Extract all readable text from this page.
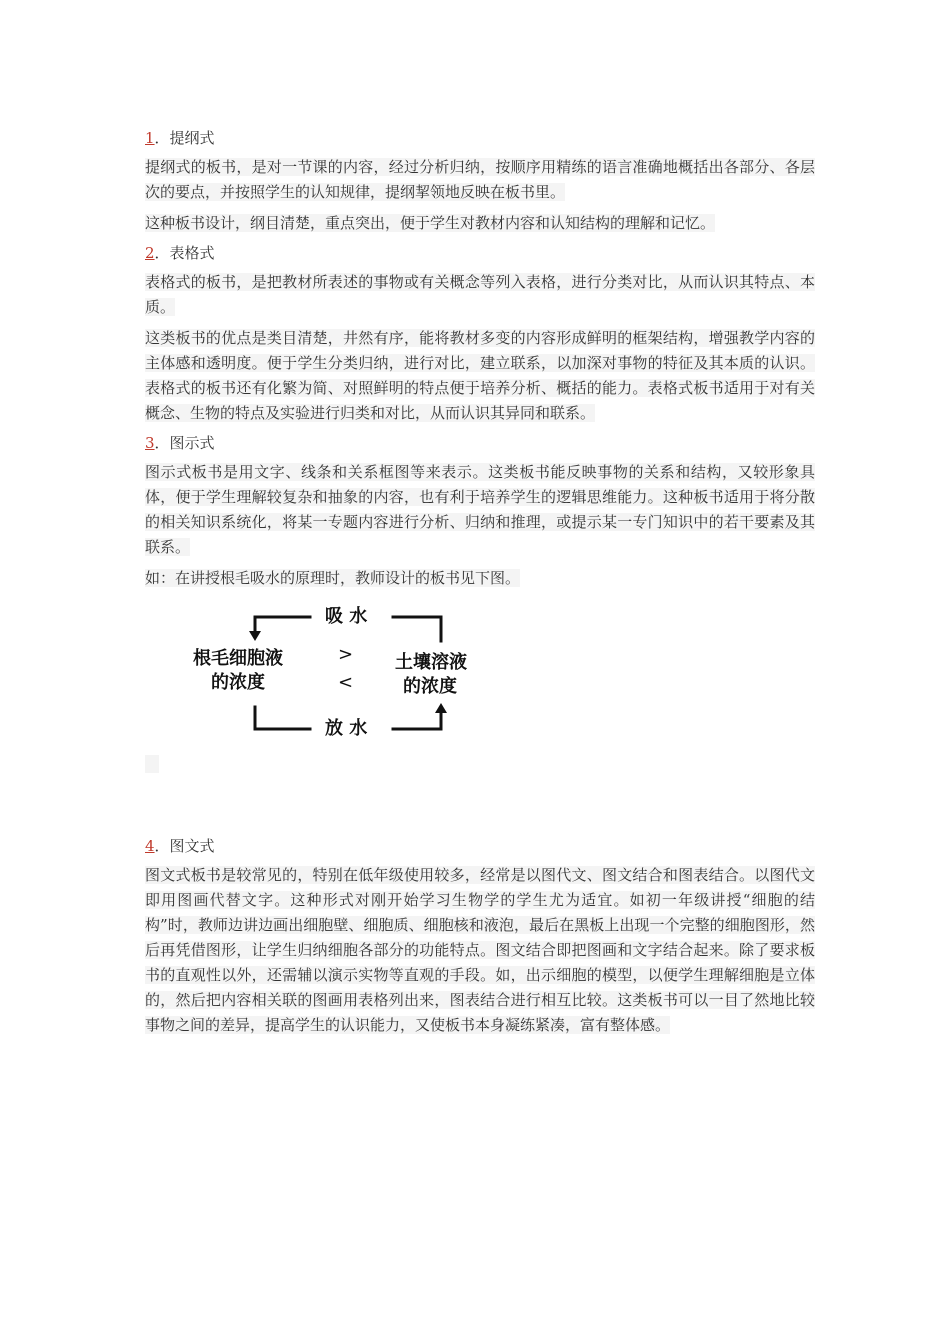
1．提纲式

提纲式的板书，是对一节课的内容，经过分析归纳，按顺序用精练的语言准确地概括出各部分、各层次的要点，并按照学生的认知规律，提纲挈领地反映在板书里。

这种板书设计，纲目清楚，重点突出，便于学生对教材内容和认知结构的理解和记忆。

2．表格式

表格式的板书，是把教材所表述的事物或有关概念等列入表格，进行分类对比，从而认识其特点、本质。

这类板书的优点是类目清楚，井然有序，能将教材多变的内容形成鲜明的框架结构，增强教学内容的主体感和透明度。便于学生分类归纳，进行对比，建立联系，以加深对事物的特征及其本质的认识。表格式的板书还有化繁为简、对照鲜明的特点便于培养分析、概括的能力。表格式板书适用于对有关概念、生物的特点及实验进行归类和对比，从而认识其异同和联系。

3．图示式

图示式板书是用文字、线条和关系框图等来表示。这类板书能反映事物的关系和结构，又较形象具体，便于学生理解较复杂和抽象的内容，也有利于培养学生的逻辑思维能力。这种板书适用于将分散的相关知识系统化，将某一专题内容进行分析、归纳和推理，或提示某一专门知识中的若干要素及其联系。

如：在讲授根毛吸水的原理时，教师设计的板书见下图。

吸 水
放 水
根毛细胞液
的浓度
土壤溶液
的浓度
>
<
4．图文式

图文式板书是较常见的，特别在低年级使用较多，经常是以图代文、图文结合和图表结合。以图代文即用图画代替文字。这种形式对刚开始学习生物学的学生尤为适宜。如初一年级讲授“细胞的结构”时，教师边讲边画出细胞壁、细胞质、细胞核和液泡，最后在黑板上出现一个完整的细胞图形，然后再凭借图形，让学生归纳细胞各部分的功能特点。图文结合即把图画和文字结合起来。除了要求板书的直观性以外，还需辅以演示实物等直观的手段。如，出示细胞的模型，以便学生理解细胞是立体的，然后把内容相关联的图画用表格列出来，图表结合进行相互比较。这类板书可以一目了然地比较事物之间的差异，提高学生的认识能力，又使板书本身凝练紧凑，富有整体感。
